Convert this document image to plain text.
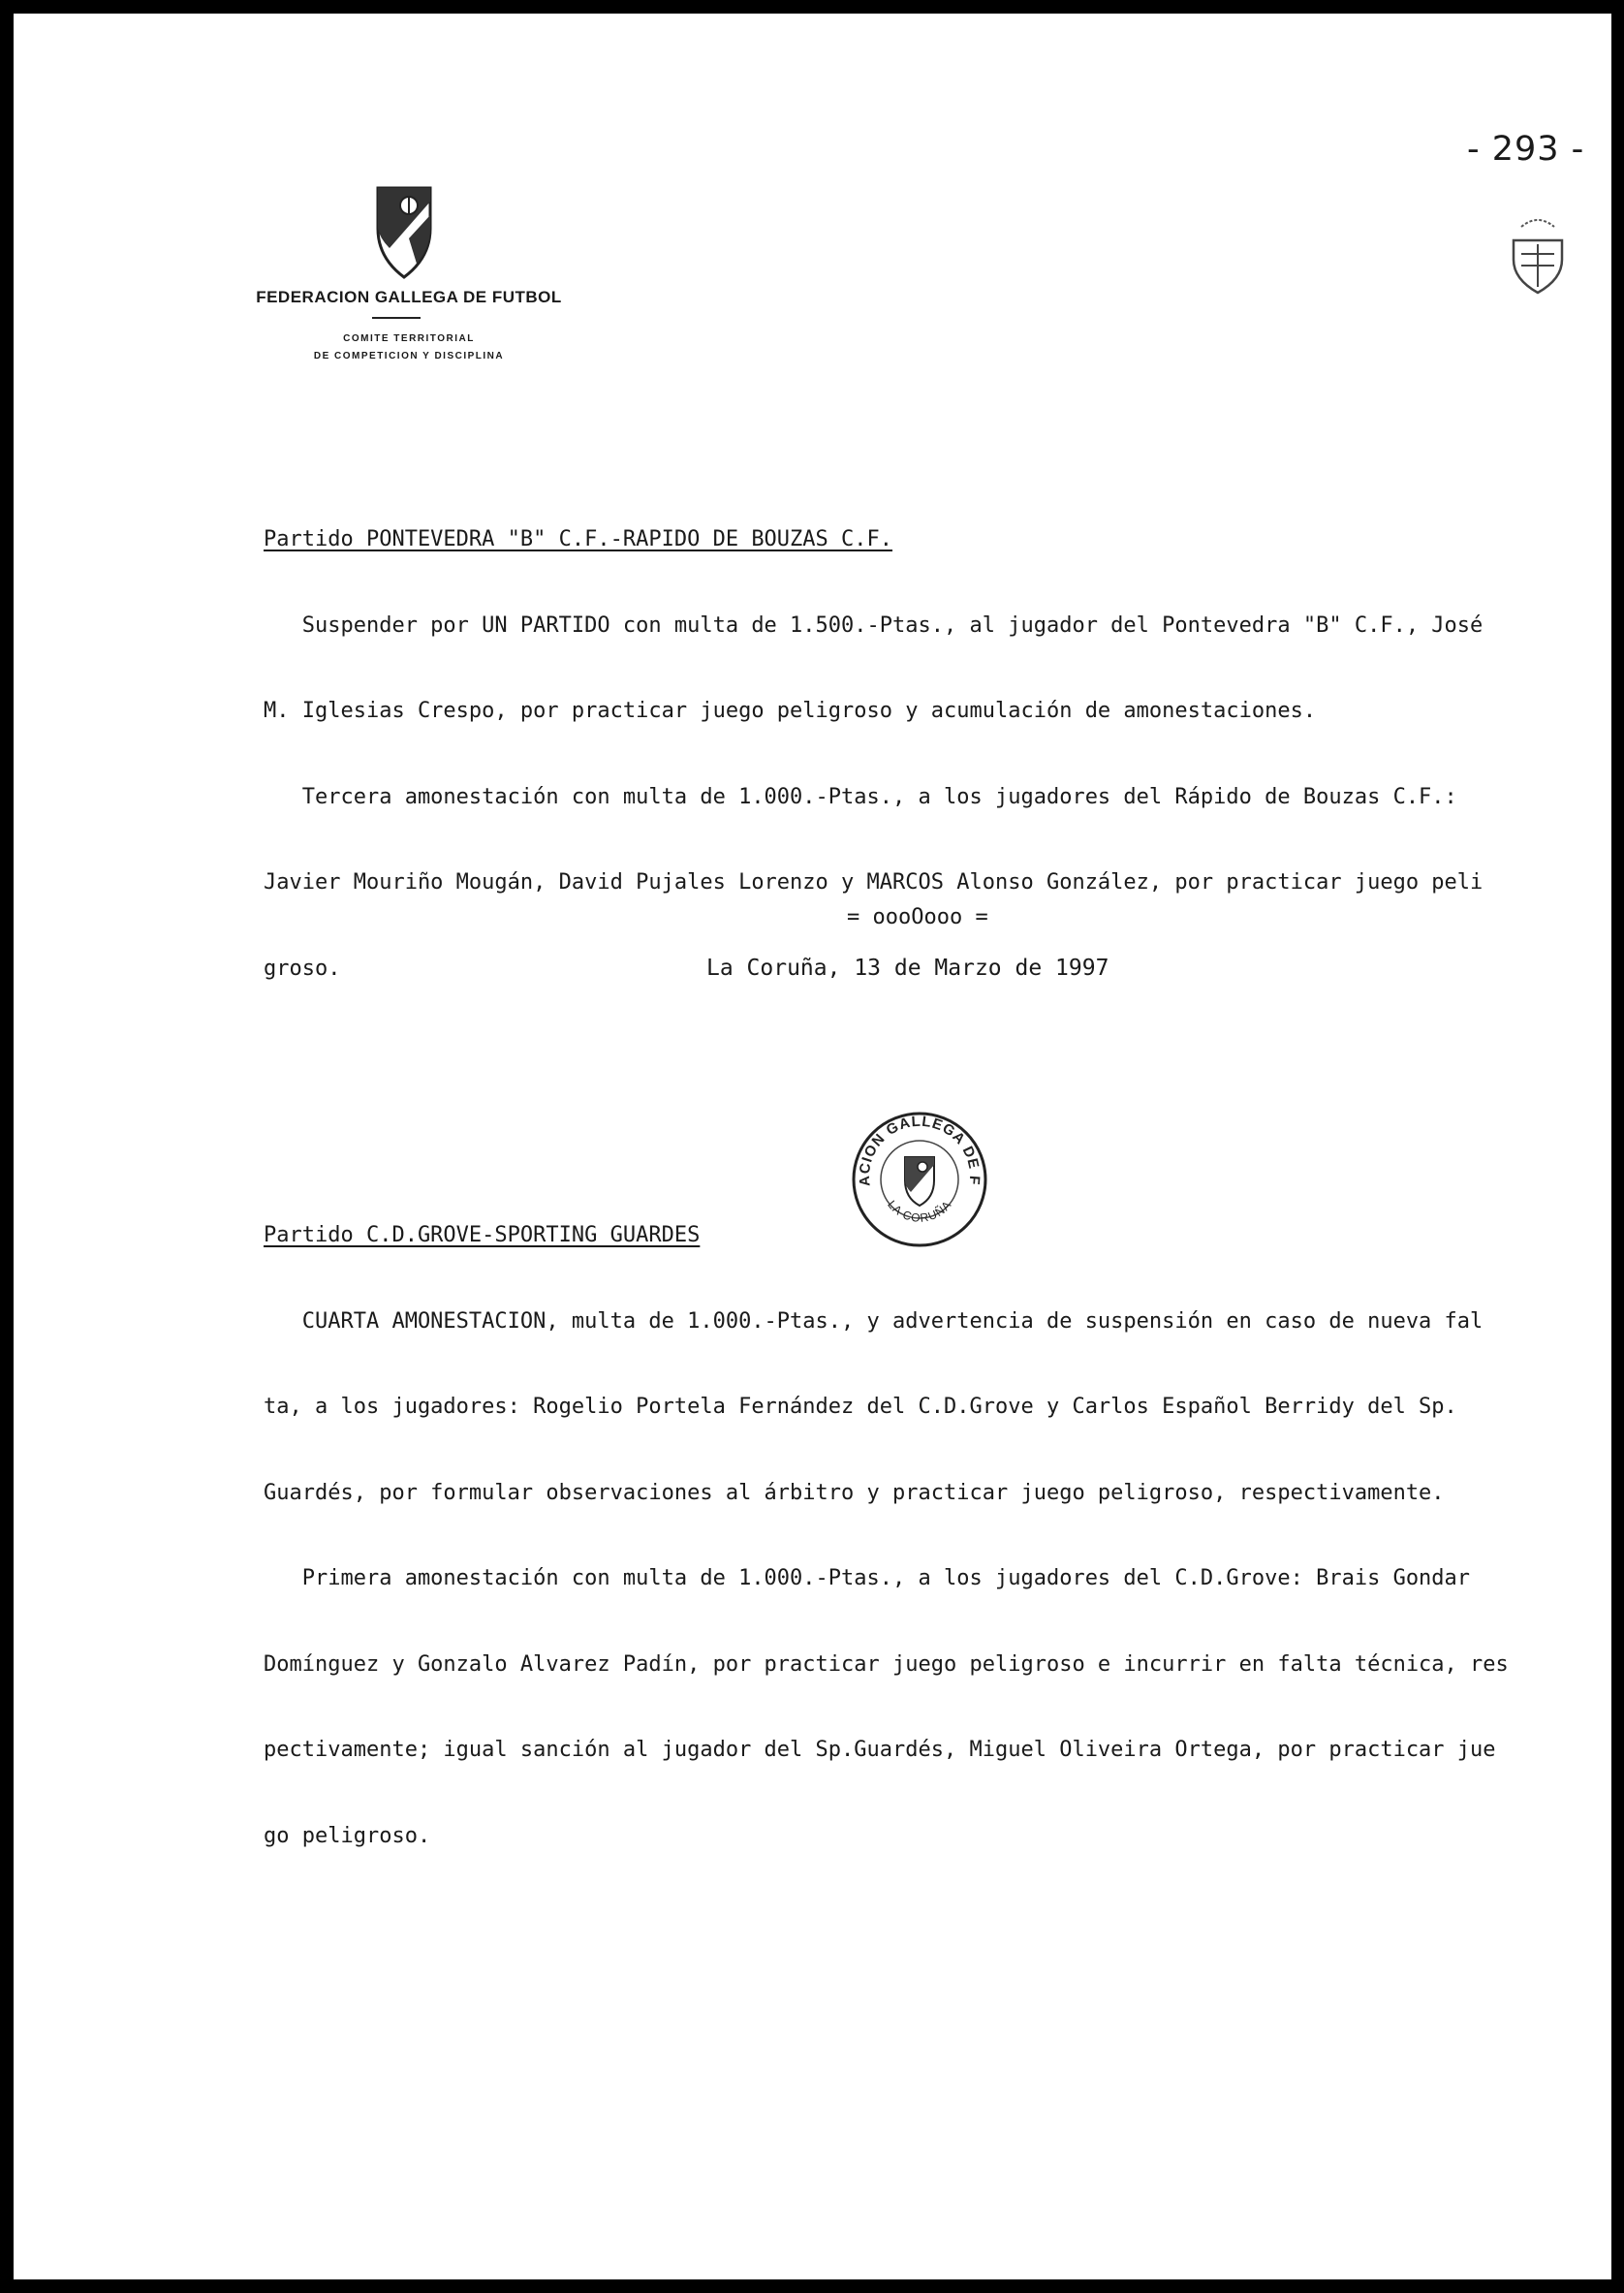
- 293 -
FEDERACION GALLEGA DE FUTBOL
COMITE TERRITORIAL
DE COMPETICION Y DISCIPLINA

Partido PONTEVEDRA "B" C.F.-RAPIDO DE BOUZAS C.F.

Suspender por UN PARTIDO con multa de 1.500.-Ptas., al jugador del Pontevedra "B" C.F., José

M. Iglesias Crespo, por practicar juego peligroso y acumulación de amonestaciones.

Tercera amonestación con multa de 1.000.-Ptas., a los jugadores del Rápido de Bouzas C.F.:

Javier Mouriño Mougán, David Pujales Lorenzo y MARCOS Alonso González, por practicar juego peli

groso.

Partido C.D.GROVE-SPORTING GUARDES

CUARTA AMONESTACION, multa de 1.000.-Ptas., y advertencia de suspensión en caso de nueva fal

ta, a los jugadores: Rogelio Portela Fernández del C.D.Grove y Carlos Español Berridy del Sp.

Guardés, por formular observaciones al árbitro y practicar juego peligroso, respectivamente.

Primera amonestación con multa de 1.000.-Ptas., a los jugadores del C.D.Grove: Brais Gondar

Domínguez y Gonzalo Alvarez Padín, por practicar juego peligroso e incurrir en falta técnica, res

pectivamente; igual sanción al jugador del Sp.Guardés, Miguel Oliveira Ortega, por practicar jue

go peligroso.

= oooOooo =
La Coruña, 13 de Marzo de 1997
ACION GALLEGA DE F
LA CORUÑA
